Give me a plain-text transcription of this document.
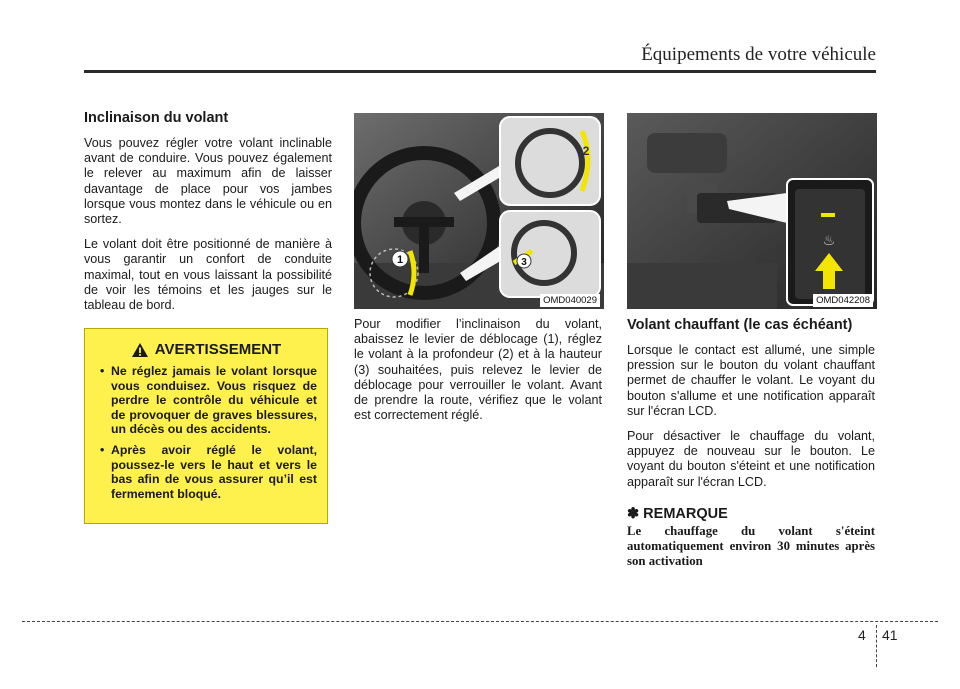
Équipements de votre véhicule
Inclinaison du volant

Vous pouvez régler votre volant inclinable avant de conduire. Vous pouvez également le relever au maximum afin de laisser davantage de place pour vos jambes lorsque vous montez dans le véhicule ou en sortez.

Le volant doit être positionné de manière à vous garantir un confort de conduite maximal, tout en vous laissant la possibilité de voir les témoins et les jauges sur le tableau de bord.

AVERTISSEMENT
• Ne réglez jamais le volant lorsque vous conduisez. Vous risquez de perdre le contrôle du véhicule et de provoquer de graves blessures, un décès ou des accidents.
• Après avoir réglé le volant, poussez-le vers le haut et vers le bas afin de vous assurer qu’il est fermement bloqué.
1
2
3
OMD040029

Pour modifier l’inclinaison du volant, abaissez le levier de déblocage (1), réglez le volant à la profondeur (2) et à la hauteur (3) souhaitées, puis relevez le levier de déblocage pour verrouiller le volant. Avant de prendre la route, vérifiez que le volant est correctement réglé.

♨
OMD042208
Volant chauffant (le cas échéant)

Lorsque le contact est allumé, une simple pression sur le bouton du volant chauffant permet de chauffer le volant. Le voyant du bouton s'allume et une notification apparaît sur l'écran LCD.

Pour désactiver le chauffage du volant, appuyez de nouveau sur le bouton. Le voyant du bouton s'éteint et une notification apparaît sur l'écran LCD.

✽ REMARQUE

Le chauffage du volant s'éteint automatiquement environ 30 minutes après son activation

4 41
